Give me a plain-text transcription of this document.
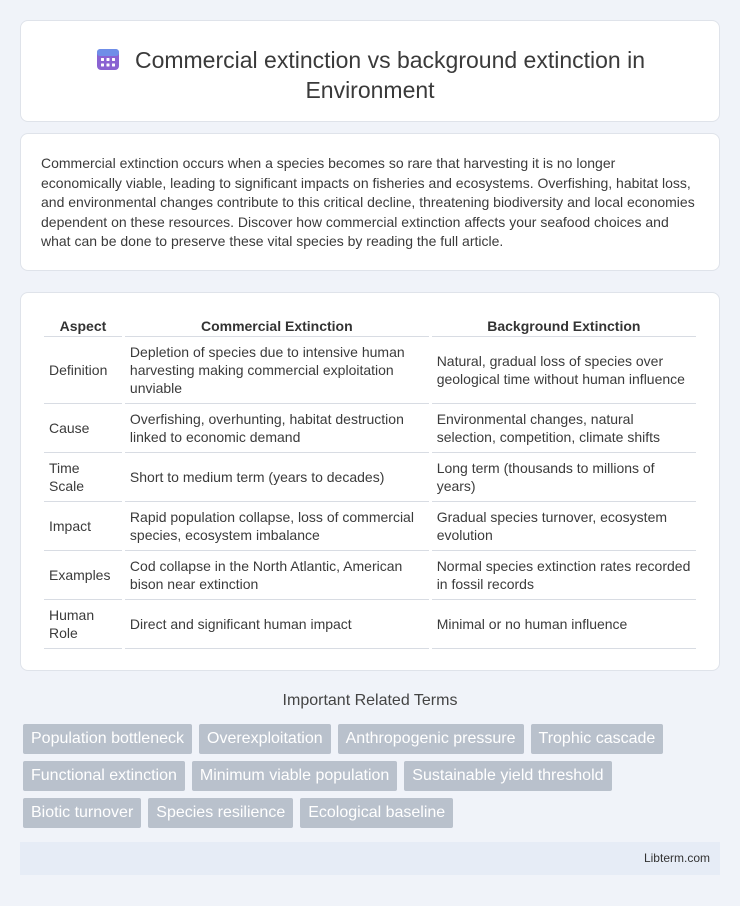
Commercial extinction vs background extinction in
Environment

Commercial extinction occurs when a species becomes so rare that harvesting it is no longer economically viable, leading to significant impacts on fisheries and ecosystems. Overfishing, habitat loss, and environmental changes contribute to this critical decline, threatening biodiversity and local economies dependent on these resources. Discover how commercial extinction affects your seafood choices and what can be done to preserve these vital species by reading the full article.

Aspect	Commercial Extinction	Background Extinction
Definition	Depletion of species due to intensive human harvesting making commercial exploitation unviable	Natural, gradual loss of species over geological time without human influence
Cause	Overfishing, overhunting, habitat destruction linked to economic demand	Environmental changes, natural selection, competition, climate shifts
Time Scale	Short to medium term (years to decades)	Long term (thousands to millions of years)
Impact	Rapid population collapse, loss of commercial species, ecosystem imbalance	Gradual species turnover, ecosystem evolution
Examples	Cod collapse in the North Atlantic, American bison near extinction	Normal species extinction rates recorded in fossil records
Human Role	Direct and significant human impact	Minimal or no human influence
Important Related Terms
Population bottleneck	Overexploitation	Anthropogenic pressure	Trophic cascade
Functional extinction	Minimum viable population	Sustainable yield threshold
Biotic turnover	Species resilience	Ecological baseline
Libterm.com
